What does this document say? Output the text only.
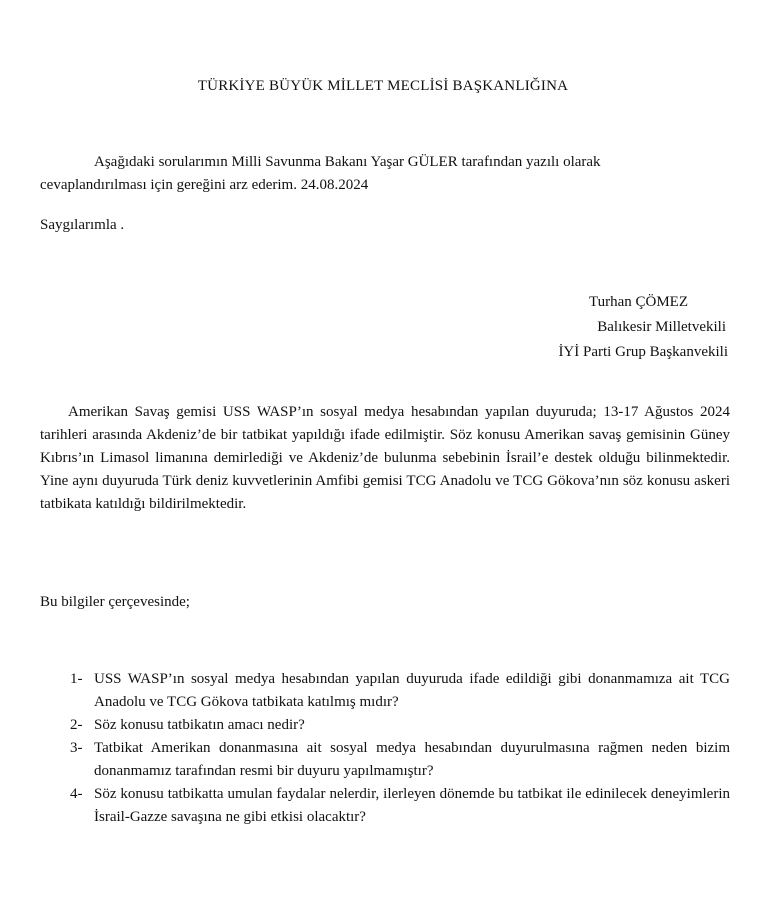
TÜRKİYE BÜYÜK MİLLET MECLİSİ BAŞKANLIĞINA

Aşağıdaki sorularımın Milli Savunma Bakanı Yaşar GÜLER tarafından yazılı olarak

cevaplandırılması için gereğini arz ederim. 24.08.2024

Saygılarımla .
Turhan ÇÖMEZ
Balıkesir Milletvekili
İYİ Parti Grup Başkanvekili

Amerikan Savaş gemisi USS WASP’ın sosyal medya hesabından yapılan duyuruda; 13-17 Ağustos 2024 tarihleri arasında Akdeniz’de bir tatbikat yapıldığı ifade edilmiştir. Söz konusu Amerikan savaş gemisinin Güney Kıbrıs’ın Limasol limanına demirlediği ve Akdeniz’de bulunma sebebinin İsrail’e destek olduğu bilinmektedir. Yine aynı duyuruda Türk deniz kuvvetlerinin Amfibi gemisi TCG Anadolu ve TCG Gökova’nın söz konusu askeri tatbikata katıldığı bildirilmektedir.

Bu bilgiler çerçevesinde;
1- USS WASP’ın sosyal medya hesabından yapılan duyuruda ifade edildiği gibi donanmamıza ait TCG Anadolu ve TCG Gökova tatbikata katılmış mıdır?
2- Söz konusu tatbikatın amacı nedir?
3- Tatbikat Amerikan donanmasına ait sosyal medya hesabından duyurulmasına rağmen neden bizim donanmamız tarafından resmi bir duyuru yapılmamıştır?
4- Söz konusu tatbikatta umulan faydalar nelerdir, ilerleyen dönemde bu tatbikat ile edinilecek deneyimlerin İsrail-Gazze savaşına ne gibi etkisi olacaktır?
